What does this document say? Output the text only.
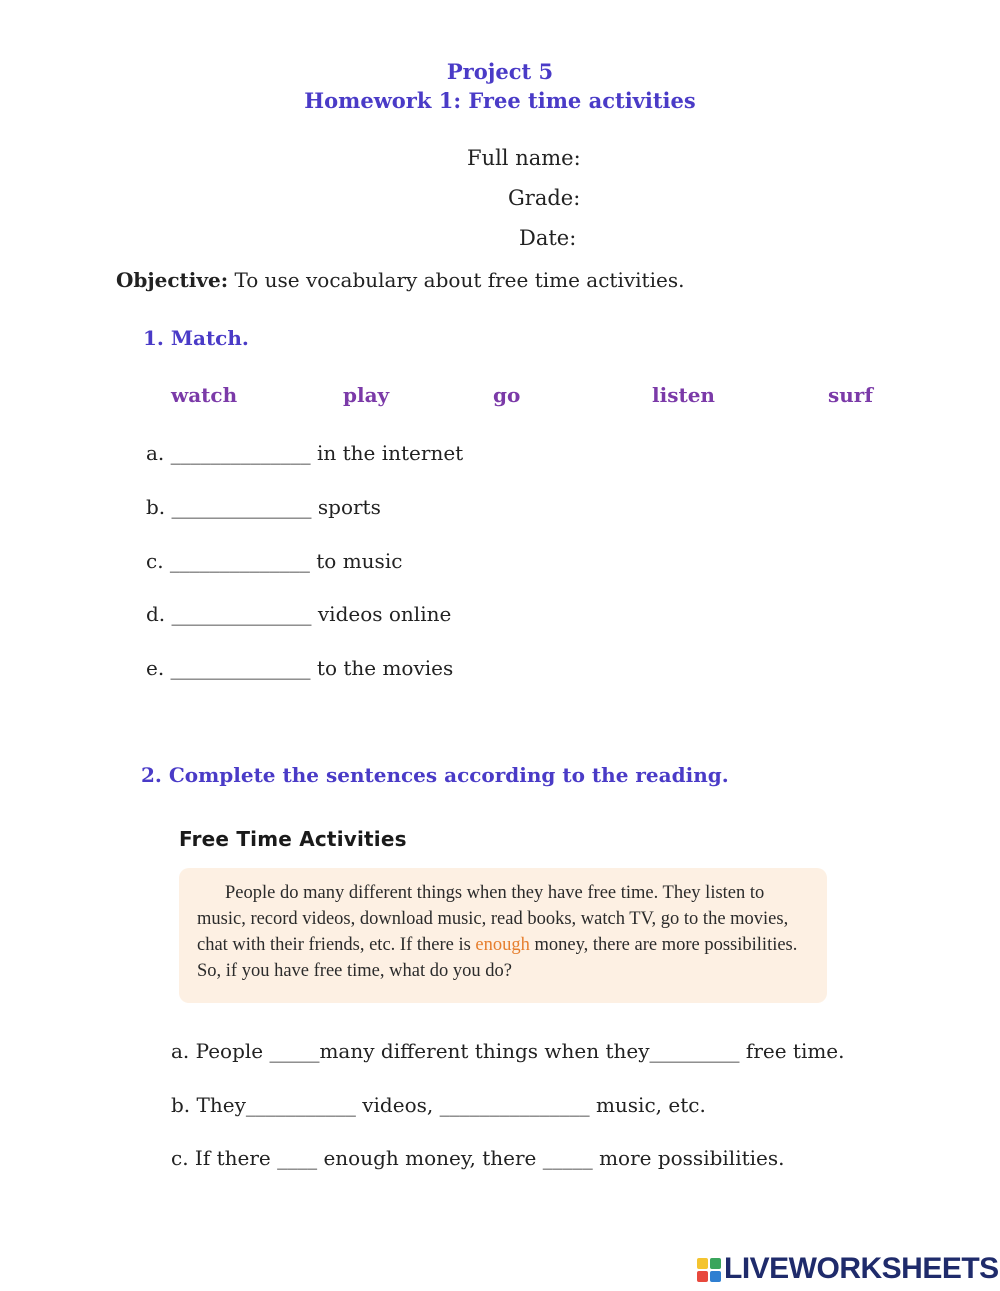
Project 5
Homework 1: Free time activities
Full name:
Grade:
Date:
Objective: To use vocabulary about free time activities.
1. Match.
watch	play	go	listen	surf
a. ______________ in the internet
b. ______________ sports
c. ______________ to music
d. ______________ videos online
e. ______________ to the movies
2. Complete the sentences according to the reading.
Free Time Activities
People do many different things when they have free time. They listen to music, record videos, download music, read books, watch TV, go to the movies, chat with their friends, etc. If there is enough money, there are more possibilities. So, if you have free time, what do you do?
a. People _____many different things when they_________ free time.
b. They___________ videos, _______________ music, etc.
c. If there ____ enough money, there _____ more possibilities.
LIVEWORKSHEETS
